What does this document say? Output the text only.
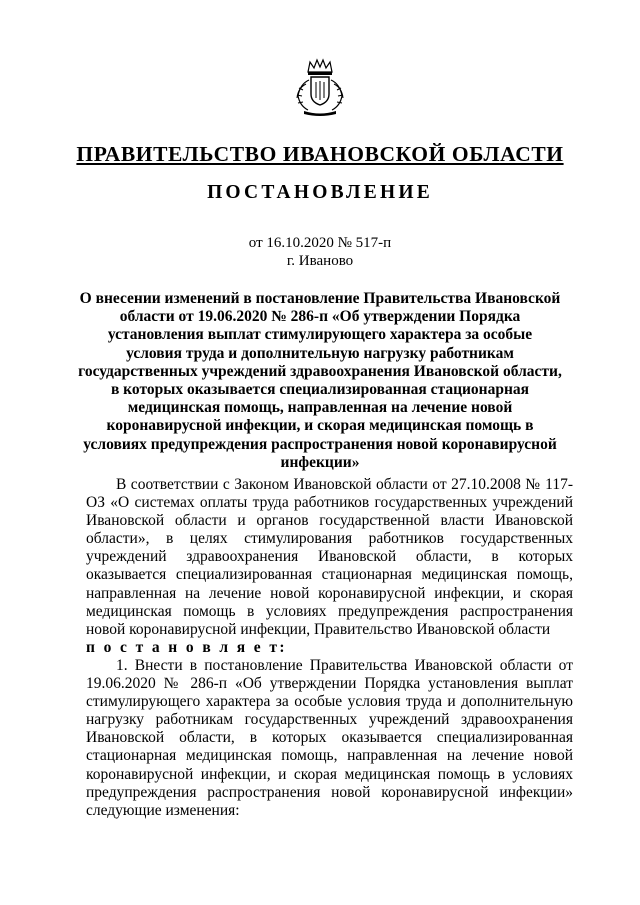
ПРАВИТЕЛЬСТВО ИВАНОВСКОЙ ОБЛАСТИ
ПОСТАНОВЛЕНИЕ
от 16.10.2020 № 517-п
г. Иваново
О внесении изменений в постановление Правительства Ивановской области от 19.06.2020 № 286-п «Об утверждении Порядка установления выплат стимулирующего характера за особые условия труда и дополнительную нагрузку работникам государственных учреждений здравоохранения Ивановской области, в которых оказывается специализированная стационарная медицинская помощь, направленная на лечение новой коронавирусной инфекции, и скорая медицинская помощь в условиях предупреждения распространения новой коронавирусной инфекции»

В соответствии с Законом Ивановской области от 27.10.2008 № 117-ОЗ «О системах оплаты труда работников государственных учреждений Ивановской области и органов государственной власти Ивановской области», в целях стимулирования работников государственных учреждений здравоохранения Ивановской области, в которых оказывается специализированная стационарная медицинская помощь, направленная на лечение новой коронавирусной инфекции, и скорая медицинская помощь в условиях предупреждения распространения новой коронавирусной инфекции, Правительство Ивановской области

п о с т а н о в л я е т:

1. Внести в постановление Правительства Ивановской области от 19.06.2020 № 286-п «Об утверждении Порядка установления выплат стимулирующего характера за особые условия труда и дополнительную нагрузку работникам государственных учреждений здравоохранения Ивановской области, в которых оказывается специализированная стационарная медицинская помощь, направленная на лечение новой коронавирусной инфекции, и скорая медицинская помощь в условиях предупреждения распространения новой коронавирусной инфекции» следующие изменения:
